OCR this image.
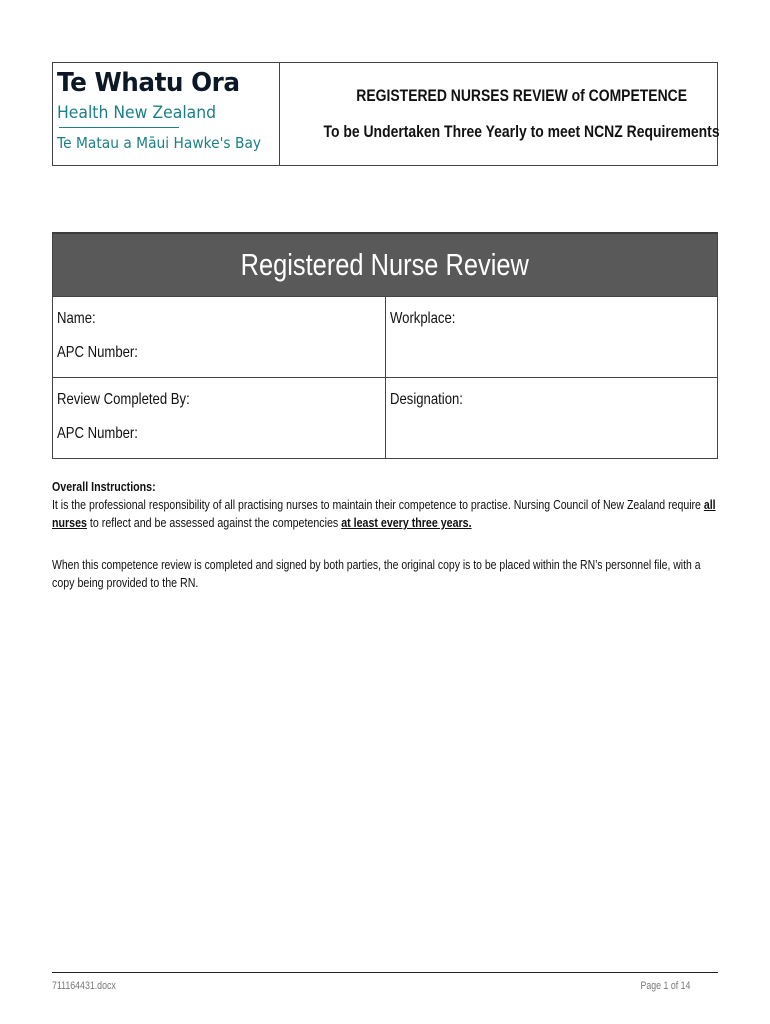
Te Whatu Ora
Health New Zealand
Te Matau a Māui Hawke's Bay
REGISTERED NURSES REVIEW of COMPETENCE
To be Undertaken Three Yearly to meet NCNZ Requirements
Registered Nurse Review
Name:
APC Number:
Workplace:
Review Completed By:
APC Number:
Designation:
Overall Instructions:
It is the professional responsibility of all practising nurses to maintain their competence to practise. Nursing Council of New Zealand require all
nurses to reflect and be assessed against the competencies at least every three years.
When this competence review is completed and signed by both parties, the original copy is to be placed within the RN’s personnel file, with a
copy being provided to the RN.
711164431.docx	Page 1 of 14
